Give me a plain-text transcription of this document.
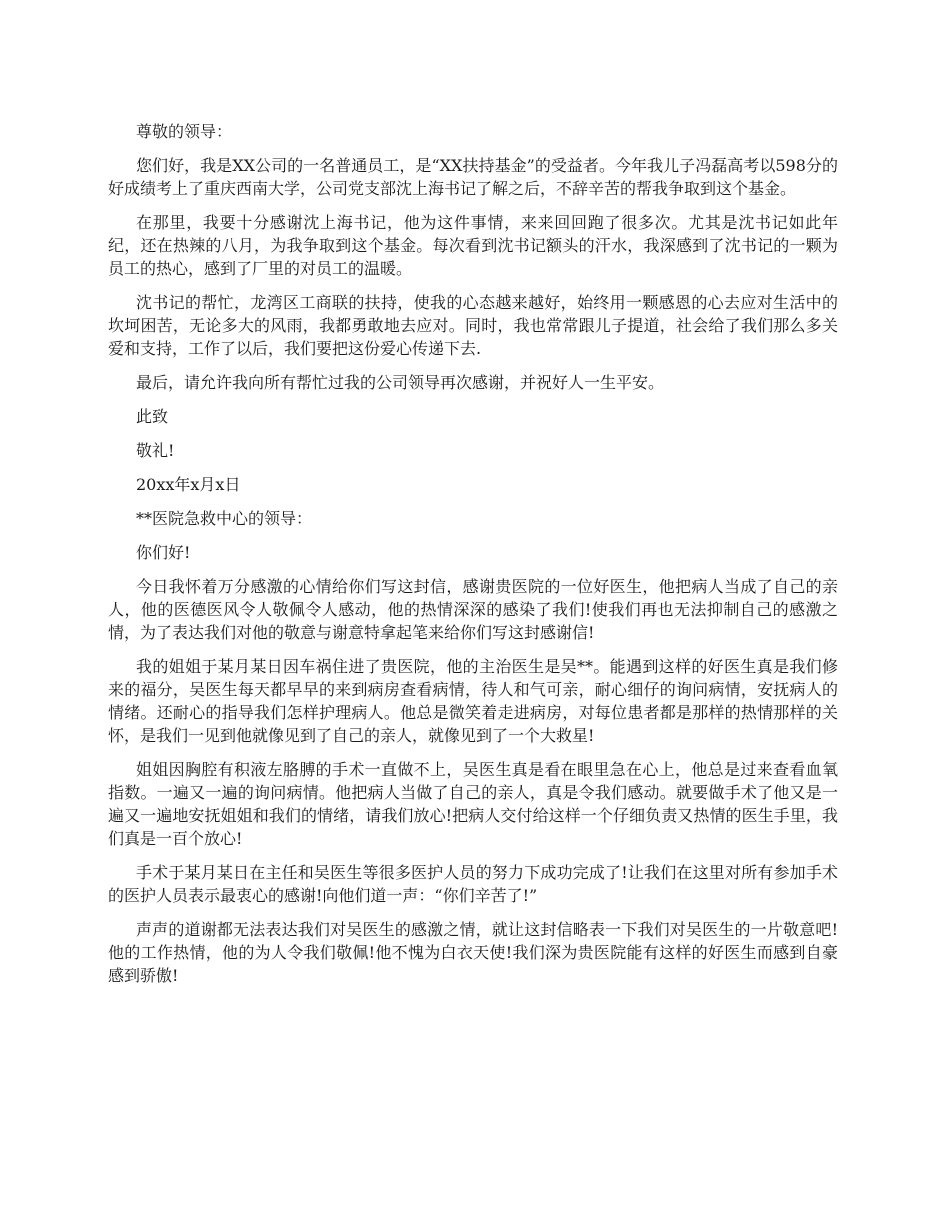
尊敬的领导：

您们好，我是XX公司的一名普通员工，是“XX扶持基金”的受益者。今年我儿子冯磊高考以598分的好成绩考上了重庆西南大学，公司党支部沈上海书记了解之后，不辞辛苦的帮我争取到这个基金。

在那里，我要十分感谢沈上海书记，他为这件事情，来来回回跑了很多次。尤其是沈书记如此年纪，还在热辣的八月，为我争取到这个基金。每次看到沈书记额头的汗水，我深感到了沈书记的一颗为员工的热心，感到了厂里的对员工的温暖。

沈书记的帮忙，龙湾区工商联的扶持，使我的心态越来越好，始终用一颗感恩的心去应对生活中的坎坷困苦，无论多大的风雨，我都勇敢地去应对。同时，我也常常跟儿子提道，社会给了我们那么多关爱和支持，工作了以后，我们要把这份爱心传递下去.

最后，请允许我向所有帮忙过我的公司领导再次感谢，并祝好人一生平安。

此致

敬礼!

20xx年x月x日

**医院急救中心的领导：

你们好!

今日我怀着万分感激的心情给你们写这封信，感谢贵医院的一位好医生，他把病人当成了自己的亲人，他的医德医风令人敬佩令人感动，他的热情深深的感染了我们!使我们再也无法抑制自己的感激之情，为了表达我们对他的敬意与谢意特拿起笔来给你们写这封感谢信!

我的姐姐于某月某日因车祸住进了贵医院，他的主治医生是吴**。能遇到这样的好医生真是我们修来的福分，吴医生每天都早早的来到病房查看病情，待人和气可亲，耐心细仔的询问病情，安抚病人的情绪。还耐心的指导我们怎样护理病人。他总是微笑着走进病房，对每位患者都是那样的热情那样的关怀，是我们一见到他就像见到了自己的亲人，就像见到了一个大救星!

姐姐因胸腔有积液左胳膊的手术一直做不上，吴医生真是看在眼里急在心上，他总是过来查看血氧指数。一遍又一遍的询问病情。他把病人当做了自己的亲人，真是令我们感动。就要做手术了他又是一遍又一遍地安抚姐姐和我们的情绪，请我们放心!把病人交付给这样一个仔细负责又热情的医生手里，我们真是一百个放心!

手术于某月某日在主任和吴医生等很多医护人员的努力下成功完成了!让我们在这里对所有参加手术的医护人员表示最衷心的感谢!向他们道一声：“你们辛苦了!”

声声的道谢都无法表达我们对吴医生的感激之情，就让这封信略表一下我们对吴医生的一片敬意吧!他的工作热情，他的为人令我们敬佩!他不愧为白衣天使!我们深为贵医院能有这样的好医生而感到自豪感到骄傲!
